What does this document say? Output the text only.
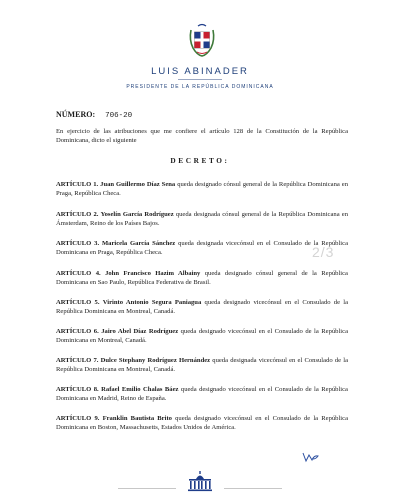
LUIS ABINADER
PRESIDENTE DE LA REPÚBLICA DOMINICANA
NÚMERO: 706-20
En ejercicio de las atribuciones que me confiere el artículo 128 de la Constitución de la República Dominicana, dicto el siguiente
DECRETO:
ARTÍCULO 1. Juan Guillermo Díaz Sena queda designado cónsul general de la República Dominicana en Praga, República Checa.
ARTÍCULO 2. Yoselín García Rodríguez queda designada cónsul general de la República Dominicana en Ámsterdam, Reino de los Países Bajos.
ARTÍCULO 3. Maricela García Sánchez queda designada vicecónsul en el Consulado de la República Dominicana en Praga, República Checa.
ARTÍCULO 4. John Francisco Hazim Albainy queda designado cónsul general de la República Dominicana en Sao Paulo, República Federativa de Brasil.
ARTÍCULO 5. Virinto Antonio Segura Paniagua queda designado vicecónsul en el Consulado de la República Dominicana en Montreal, Canadá.
ARTÍCULO 6. Jairo Abel Díaz Rodríguez queda designado vicecónsul en el Consulado de la República Dominicana en Montreal, Canadá.
ARTÍCULO 7. Dulce Stephany Rodríguez Hernández queda designada vicecónsul en el Consulado de la República Dominicana en Montreal, Canadá.
ARTÍCULO 8. Rafael Emilio Chalas Báez queda designado vicecónsul en el Consulado de la República Dominicana en Madrid, Reino de España.
ARTÍCULO 9. Franklin Bautista Brito queda designado vicecónsul en el Consulado de la República Dominicana en Boston, Massachusetts, Estados Unidos de América.
2/3
